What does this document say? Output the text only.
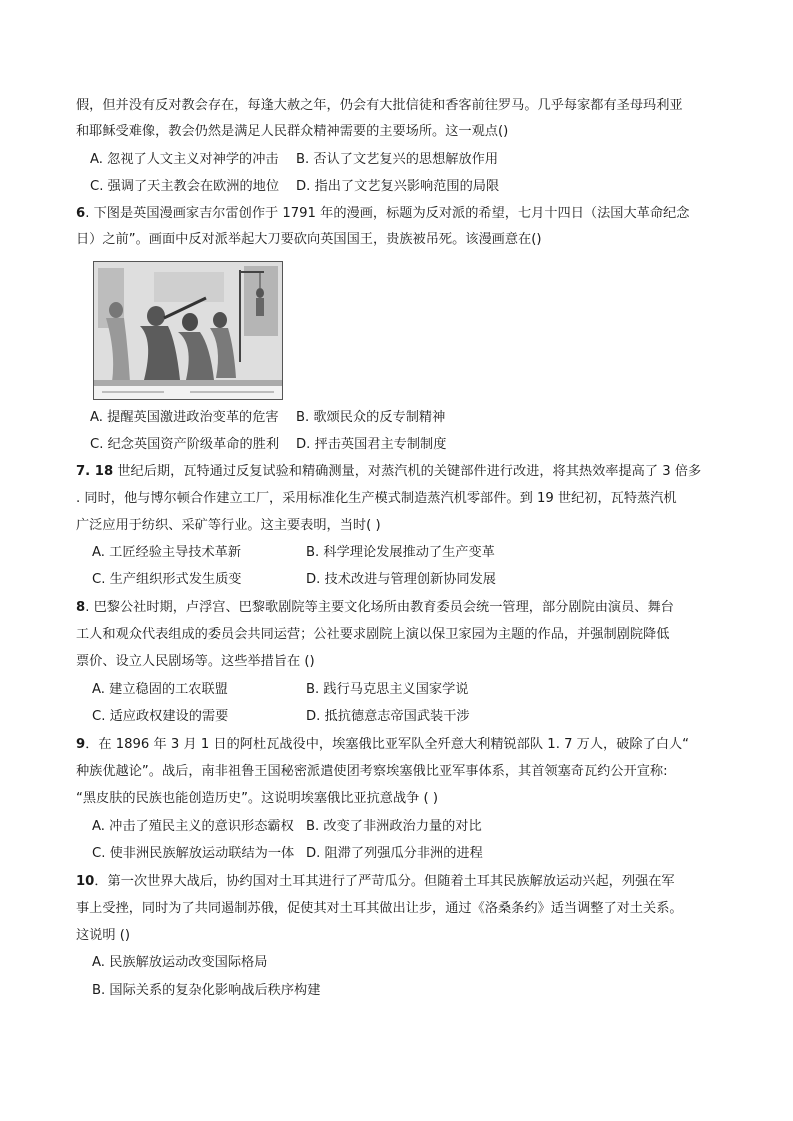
假，但并没有反对教会存在，每逢大赦之年，仍会有大批信徒和香客前往罗马。几乎每家都有圣母玛利亚
和耶稣受难像，教会仍然是满足人民群众精神需要的主要场所。这一观点()
A. 忽视了人文主义对神学的冲击 B. 否认了文艺复兴的思想解放作用
C. 强调了天主教会在欧洲的地位 D. 指出了文艺复兴影响范围的局限
6. 下图是英国漫画家吉尔雷创作于 1791 年的漫画，标题为反对派的希望，七月十四日（法国大革命纪念
日）之前”。画面中反对派举起大刀要砍向英国国王，贵族被吊死。该漫画意在()
A. 提醒英国激进政治变革的危害 B. 歌颂民众的反专制精神
C. 纪念英国资产阶级革命的胜利 D. 抨击英国君主专制制度
7. 18 世纪后期，瓦特通过反复试验和精确测量，对蒸汽机的关键部件进行改进，将其热效率提高了 3 倍多
. 同时，他与博尔顿合作建立工厂，采用标准化生产模式制造蒸汽机零部件。到 19 世纪初，瓦特蒸汽机
广泛应用于纺织、采矿等行业。这主要表明，当时( )
A. 工匠经验主导技术革新	B. 科学理论发展推动了生产变革
C. 生产组织形式发生质变	D. 技术改进与管理创新协同发展
8. 巴黎公社时期，卢浮宫、巴黎歌剧院等主要文化场所由教育委员会统一管理，部分剧院由演员、舞台
工人和观众代表组成的委员会共同运营；公社要求剧院上演以保卫家园为主题的作品，并强制剧院降低
票价、设立人民剧场等。这些举措旨在 ()
A. 建立稳固的工农联盟	B. 践行马克思主义国家学说
C. 适应政权建设的需要	D. 抵抗德意志帝国武装干涉
9．在 1896 年 3 月 1 日的阿杜瓦战役中，埃塞俄比亚军队全歼意大利精锐部队 1. 7 万人，破除了白人“
种族优越论”。战后，南非祖鲁王国秘密派遣使团考察埃塞俄比亚军事体系，其首领塞奇瓦约公开宣称:
“黑皮肤的民族也能创造历史”。这说明埃塞俄比亚抗意战争 ( )
A. 冲击了殖民主义的意识形态霸权 B. 改变了非洲政治力量的对比
C. 使非洲民族解放运动联结为一体 D. 阻滞了列强瓜分非洲的进程
10．第一次世界大战后，协约国对土耳其进行了严苛瓜分。但随着土耳其民族解放运动兴起，列强在军
事上受挫，同时为了共同遏制苏俄，促使其对土耳其做出让步，通过《洛桑条约》适当调整了对土关系。
这说明 ()
A. 民族解放运动改变国际格局
B. 国际关系的复杂化影响战后秩序构建
